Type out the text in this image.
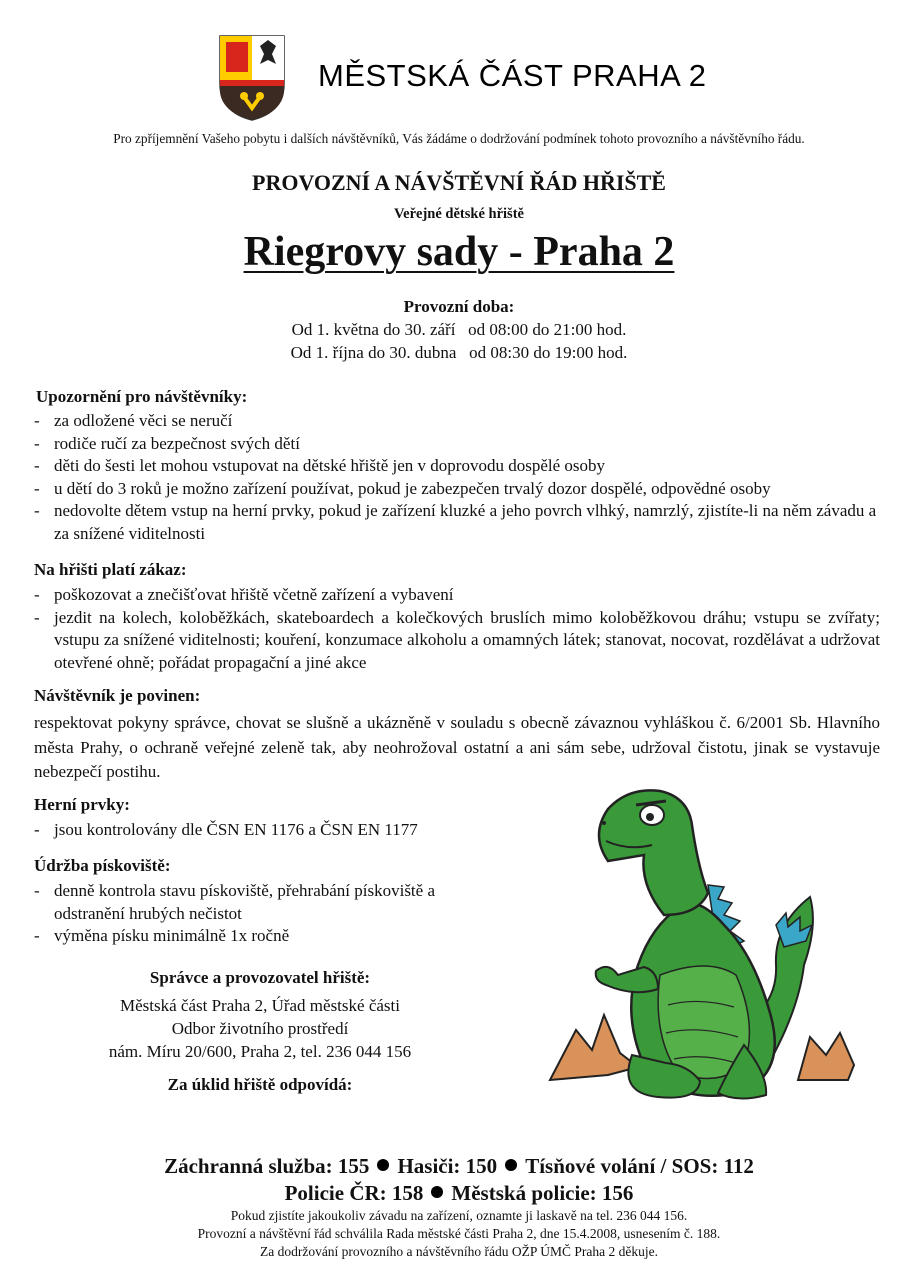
MĚSTSKÁ ČÁST PRAHA 2
Pro zpříjemnění Vašeho pobytu i dalších návštěvníků, Vás žádáme o dodržování podmínek tohoto provozního a návštěvního řádu.
PROVOZNÍ A NÁVŠTĚVNÍ ŘÁD HŘIŠTĚ
Veřejné dětské hřiště
Riegrovy sady - Praha 2
Provozní doba:
Od 1. května do 30. září   od 08:00 do 21:00 hod.
Od 1. října do 30. dubna   od 08:30 do 19:00 hod.
Upozornění pro návštěvníky:
- za odložené věci se neručí
- rodiče ručí za bezpečnost svých dětí
- děti do šesti let mohou vstupovat na dětské hřiště jen v doprovodu dospělé osoby
- u dětí do 3 roků je možno zařízení používat, pokud je zabezpečen trvalý dozor dospělé, odpovědné osoby
- nedovolte dětem vstup na herní prvky, pokud je zařízení kluzké a jeho povrch vlhký, namrzlý, zjistíte-li na něm závadu a za snížené viditelnosti
Na hřišti platí zákaz:
- poškozovat a znečišťovat hřiště včetně zařízení a vybavení
- jezdit na kolech, koloběžkách, skateboardech a kolečkových bruslích mimo koloběžkovou dráhu; vstupu se zvířaty; vstupu za snížené viditelnosti; kouření, konzumace alkoholu a omamných látek; stanovat, nocovat, rozdělávat a udržovat otevřené ohně; pořádat propagační a jiné akce
Návštěvník je povinen:
respektovat pokyny správce, chovat se slušně a ukázněně v souladu s obecně závaznou vyhláškou č. 6/2001 Sb. Hlavního města Prahy, o ochraně veřejné zeleně tak, aby neohrožoval ostatní a ani sám sebe, udržoval čistotu, jinak se vystavuje nebezpečí postihu.
Herní prvky:
- jsou kontrolovány dle ČSN EN 1176 a ČSN EN 1177
Údržba pískoviště:
- denně kontrola stavu pískoviště, přehrabání pískoviště a odstranění hrubých nečistot
- výměna písku minimálně 1x ročně
Správce a provozovatel hřiště:
Městská část Praha 2, Úřad městské části
Odbor životního prostředí
nám. Míru 20/600, Praha 2, tel. 236 044 156
Za úklid hřiště odpovídá:
Záchranná služba: 155 Hasiči: 150 Tísňové volání / SOS: 112
Policie ČR: 158 Městská policie: 156
Pokud zjistíte jakoukoliv závadu na zařízení, oznamte ji laskavě na tel. 236 044 156.
Provozní a návštěvní řád schválila Rada městské části Praha 2, dne 15.4.2008, usnesením č. 188.
Za dodržování provozního a návštěvního řádu OŽP ÚMČ Praha 2 děkuje.
